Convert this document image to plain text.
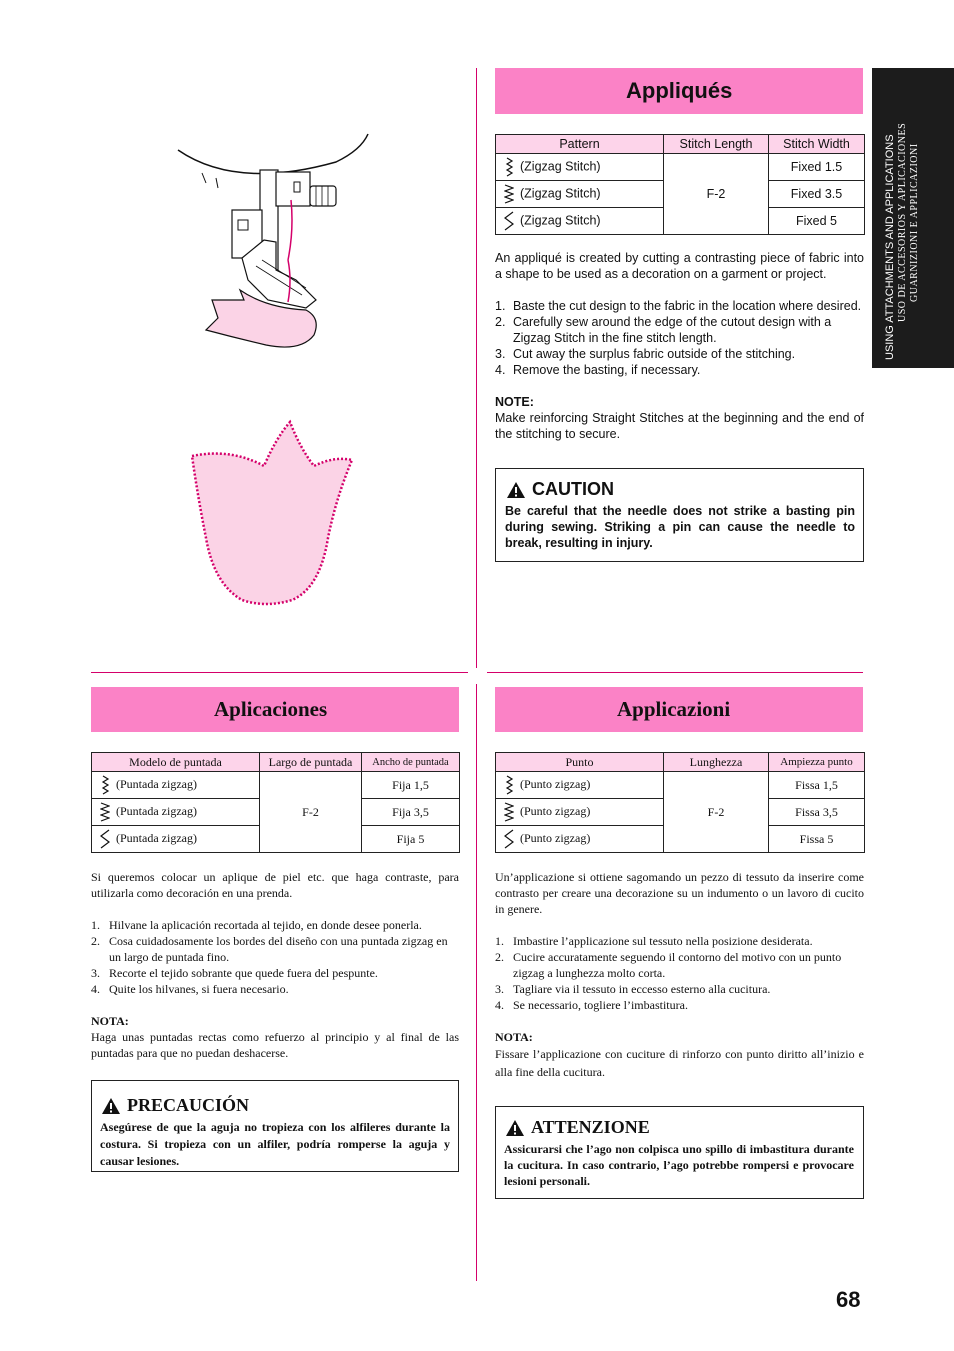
USING ATTACHMENTS AND APPLICATIONS USO DE ACCESORIOS Y APLICACIONES GUARNIZIONI E APPLICAZIONI
Appliqués
Pattern	Stitch Length	Stitch Width
(Zigzag Stitch)	F-2	Fixed 1.5
(Zigzag Stitch)		Fixed 3.5
(Zigzag Stitch)		Fixed 5

An appliqué is created by cutting a contrasting piece of fabric into a shape to be used as a decoration on a garment or project.

1. Baste the cut design to the fabric in the location where desired.
2. Carefully sew around the edge of the cutout design with a Zigzag Stitch in the fine stitch length.
3. Cut away the surplus fabric outside of the stitching.
4. Remove the basting, if necessary.

NOTE:

Make reinforcing Straight Stitches at the beginning and the end of the stitching to secure.

CAUTION
Be careful that the needle does not strike a basting pin during sewing. Striking a pin can cause the needle to break, resulting in injury.
Aplicaciones
Modelo de puntada	Largo de puntada	Ancho de puntada
(Puntada zigzag)	F-2	Fija 1,5
(Puntada zigzag)		Fija 3,5
(Puntada zigzag)		Fija 5

Si queremos colocar un aplique de piel etc. que haga contraste, para utilizarla como decoración en una prenda.

1. Hilvane la aplicación recortada al tejido, en donde desee ponerla.
2. Cosa cuidadosamente los bordes del diseño con una puntada zigzag en un largo de puntada fino.
3. Recorte el tejido sobrante que quede fuera del pespunte.
4. Quite los hilvanes, si fuera necesario.

NOTA:

Haga unas puntadas rectas como refuerzo al principio y al final de las puntadas para que no puedan deshacerse.

PRECAUCIÓN
Asegúrese de que la aguja no tropieza con los alfileres durante la costura. Si tropieza con un alfiler, podría romperse la aguja y causar lesiones.
Applicazioni
Punto	Lunghezza	Ampiezza punto
(Punto zigzag)	F-2	Fissa 1,5
(Punto zigzag)		Fissa 3,5
(Punto zigzag)		Fissa 5

Un’applicazione si ottiene sagomando un pezzo di tessuto da inserire come contrasto per creare una decorazione su un indumento o un lavoro di cucito in genere.

1. Imbastire l’applicazione sul tessuto nella posizione desiderata.
2. Cucire accuratamente seguendo il contorno del motivo con un punto zigzag a lunghezza molto corta.
3. Tagliare via il tessuto in eccesso esterno alla cucitura.
4. Se necessario, togliere l’imbastitura.

NOTA:

Fissare l’applicazione con cuciture di rinforzo con punto diritto all’inizio e alla fine della cucitura.

ATTENZIONE
Assicurarsi che l’ago non colpisca uno spillo di imbastitura durante la cucitura. In caso contrario, l’ago potrebbe rompersi e provocare lesioni personali.
68
